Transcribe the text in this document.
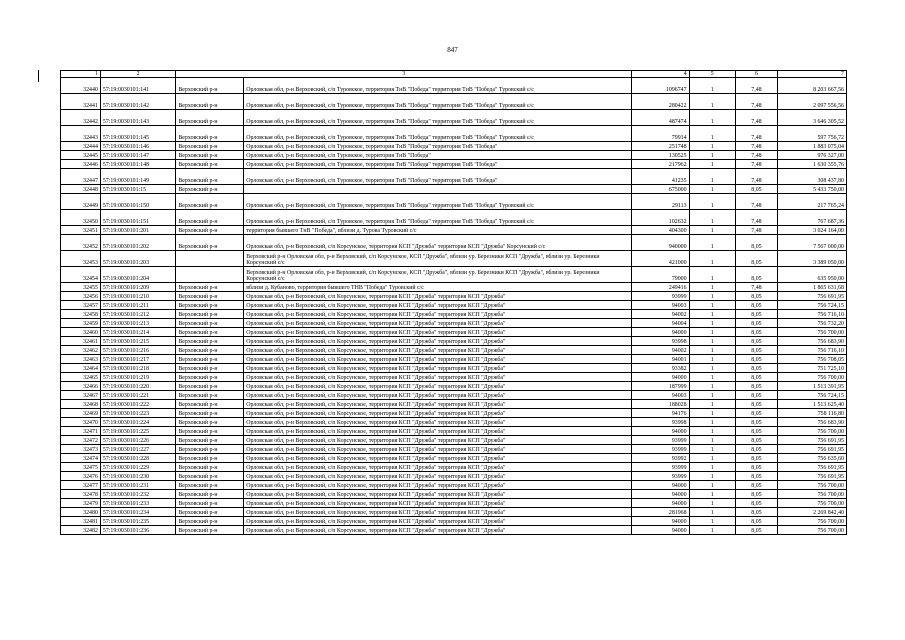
847
1	2	3		4	5	6	7
32440	57:19:0030101:141	Верховский р-н	Орловская обл, р-н Верховский, с/п Туровское, территория ТнВ "Победа" территория ТнВ "Победа" Туровский с/с	1096747	1	7,48	8 203 667,56
32441	57:19:0030101:142	Верховский р-н	Орловская обл, р-н Верховский, с/п Туровское, территория ТнВ "Победа" территория ТнВ "Победа" Туровский с/с	280422	1	7,48	2 097 556,56
32442	57:19:0030101:143	Верховский р-н	Орловская обл, р-н Верховский, с/п Туровское, территория ТнВ "Победа" территория ТнВ "Победа" Туровский с/с	487474	1	7,48	3 646 305,52
32443	57:19:0030101:145	Верховский р-н	Орловская обл, р-н Верховский, с/п Туровское, территория ТнВ "Победа" территория ТнВ "Победа" Туровский с/с	79914	1	7,48	597 756,72
32444	57:19:0030101:146	Верховский р-н	Орловская обл, р-н Верховский, с/п Туровское, территория ТнВ "Победа" территория ТнВ "Победа"	251748	1	7,48	1 883 075,04
32445	57:19:0030101:147	Верховский р-н	Орловская обл, р-н Верховский, с/п Туровское, территория ТнВ "Победа"	130525	1	7,48	976 327,00
32446	57:19:0030101:148	Верховский р-н	Орловская обл, р-н Верховский, с/п Туровское, территория ТнВ "Победа" территория ТнВ "Победа"	217962	1	7,48	1 630 355,76
32447	57:19:0030101:149	Верховский р-н	Орловская обл, р-н Верховский, с/п Туровское, территория ТнВ "Победа" территория ТнВ "Победа"	41235	1	7,48	308 437,80
32448	57:19:0030101:15	Верховский р-н		675000	1	8,05	5 433 750,00
32449	57:19:0030101:150	Верховский р-н	Орловская обл, р-н Верховский, с/п Туровское, территория ТнВ "Победа" территория ТнВ "Победа" Туровский с/с	29113	1	7,48	217 765,24
32450	57:19:0030101:151	Верховский р-н	Орловская обл, р-н Верховский, с/п Туровское, территория ТнВ "Победа" территория ТнВ "Победа" Туровский с/с	102632	1	7,48	767 687,36
32451	57:19:0030101:201	Верховский р-н	территория бывшего ТнВ "Победа", вблизи д. Турова Туровский с/с	404300	1	7,48	3 024 164,00
32452	57:19:0030101:202	Верховский р-н	Орловская обл, р-н Верховский, с/п Корсунское, территория КСП "Дружба" территория КСП "Дружба" Корсунский с/с	940000	1	8,05	7 567 000,00
32453	57:19:0030101:203		Верховский р-н Орловская обл, р-н Верховский, с/п Корсунское, КСП "Дружба", вблизи ур. Березники КСП "Дружба", вблизи ур. Березники Корсунский с/с	421000	1	8,05	3 389 050,00
32454	57:19:0030101:204		Верховский р-н Орловская обл, р-н Верховский, с/п Корсунское, КСП "Дружба", вблизи ур. Березники КСП "Дружба", вблизи ур. Березники Корсунский с/с	79000	1	8,05	635 950,00
32455	57:19:0030101:209	Верховский р-н	вблизи д. Кубаново, территория бывшего ТНВ "Победа" Туровский с/с	249416	1	7,48	1 865 631,68
32456	57:19:0030101:210	Верховский р-н	Орловская обл, р-н Верховский, с/п Корсунское, территория КСП "Дружба" территория КСП "Дружба"	93999	1	8,05	756 691,95
32457	57:19:0030101:211	Верховский р-н	Орловская обл, р-н Верховский, с/п Корсунское, территория КСП "Дружба" территория КСП "Дружба"	94003	1	8,05	756 724,15
32458	57:19:0030101:212	Верховский р-н	Орловская обл, р-н Верховский, с/п Корсунское, территория КСП "Дружба" территория КСП "Дружба"	94002	1	8,05	756 716,10
32459	57:19:0030101:213	Верховский р-н	Орловская обл, р-н Верховский, с/п Корсунское, территория КСП "Дружба" территория КСП "Дружба"	94004	1	8,05	756 732,20
32460	57:19:0030101:214	Верховский р-н	Орловская обл, р-н Верховский, с/п Корсунское, территория КСП "Дружба" территория КСП "Дружба"	94000	1	8,05	756 700,00
32461	57:19:0030101:215	Верховский р-н	Орловская обл, р-н Верховский, с/п Корсунское, территория КСП "Дружба" территория КСП "Дружба"	93998	1	8,05	756 683,90
32462	57:19:0030101:216	Верховский р-н	Орловская обл, р-н Верховский, с/п Корсунское, территория КСП "Дружба" территория КСП "Дружба"	94002	1	8,05	756 716,10
32463	57:19:0030101:217	Верховский р-н	Орловская обл, р-н Верховский, с/п Корсунское, территория КСП "Дружба" территория КСП "Дружба"	94001	1	8,05	756 708,05
32464	57:19:0030101:218	Верховский р-н	Орловская обл, р-н Верховский, с/п Корсунское, территория КСП "Дружба" территория КСП "Дружба"	93382	1	8,05	751 725,10
32465	57:19:0030101:219	Верховский р-н	Орловская обл, р-н Верховский, с/п Корсунское, территория КСП "Дружба" территория КСП "Дружба"	94000	1	8,05	756 700,00
32466	57:19:0030101:220	Верховский р-н	Орловская обл, р-н Верховский, с/п Корсунское, территория КСП "Дружба" территория КСП "Дружба"	187999	1	8,05	1 513 391,95
32467	57:19:0030101:221	Верховский р-н	Орловская обл, р-н Верховский, с/п Корсунское, территория КСП "Дружба" территория КСП "Дружба"	94003	1	8,05	756 724,15
32468	57:19:0030101:222	Верховский р-н	Орловская обл, р-н Верховский, с/п Корсунское, территория КСП "Дружба" территория КСП "Дружба"	188028	1	8,05	1 513 625,40
32469	57:19:0030101:223	Верховский р-н	Орловская обл, р-н Верховский, с/п Корсунское, территория КСП "Дружба" территория КСП "Дружба"	94176	1	8,05	758 116,80
32470	57:19:0030101:224	Верховский р-н	Орловская обл, р-н Верховский, с/п Корсунское, территория КСП "Дружба" территория КСП "Дружба"	93998	1	8,05	756 683,90
32471	57:19:0030101:225	Верховский р-н	Орловская обл, р-н Верховский, с/п Корсунское, территория КСП "Дружба" территория КСП "Дружба"	94000	1	8,05	756 700,00
32472	57:19:0030101:226	Верховский р-н	Орловская обл, р-н Верховский, с/п Корсунское, территория КСП "Дружба" территория КСП "Дружба"	93999	1	8,05	756 691,95
32473	57:19:0030101:227	Верховский р-н	Орловская обл, р-н Верховский, с/п Корсунское, территория КСП "Дружба" территория КСП "Дружба"	93999	1	8,05	756 691,95
32474	57:19:0030101:228	Верховский р-н	Орловская обл, р-н Верховский, с/п Корсунское, территория КСП "Дружба" территория КСП "Дружба"	93992	1	8,05	756 635,60
32475	57:19:0030101:229	Верховский р-н	Орловская обл, р-н Верховский, с/п Корсунское, территория КСП "Дружба" территория КСП "Дружба"	93999	1	8,05	756 691,95
32476	57:19:0030101:230	Верховский р-н	Орловская обл, р-н Верховский, с/п Корсунское, территория КСП "Дружба" территория КСП "Дружба"	93999	1	8,05	756 691,95
32477	57:19:0030101:231	Верховский р-н	Орловская обл, р-н Верховский, с/п Корсунское, территория КСП "Дружба" территория КСП "Дружба"	94000	1	8,05	756 700,00
32478	57:19:0030101:232	Верховский р-н	Орловская обл, р-н Верховский, с/п Корсунское, территория КСП "Дружба" территория КСП "Дружба"	94000	1	8,05	756 700,00
32479	57:19:0030101:233	Верховский р-н	Орловская обл, р-н Верховский, с/п Корсунское, территория КСП "Дружба" территория КСП "Дружба"	94000	1	8,05	756 700,00
32480	57:19:0030101:234	Верховский р-н	Орловская обл, р-н Верховский, с/п Корсунское, территория КСП "Дружба" территория КСП "Дружба"	281968	1	8,05	2 269 842,40
32481	57:19:0030101:235	Верховский р-н	Орловская обл, р-н Верховский, с/п Корсунское, территория КСП "Дружба" территория КСП "Дружба"	94000	1	8,05	756 700,00
32482	57:19:0030101:236	Верховский р-н	Орловская обл, р-н Верховский, с/п Корсунское, территория КСП "Дружба" территория КСП "Дружба"	94000	1	8,05	756 700,00
